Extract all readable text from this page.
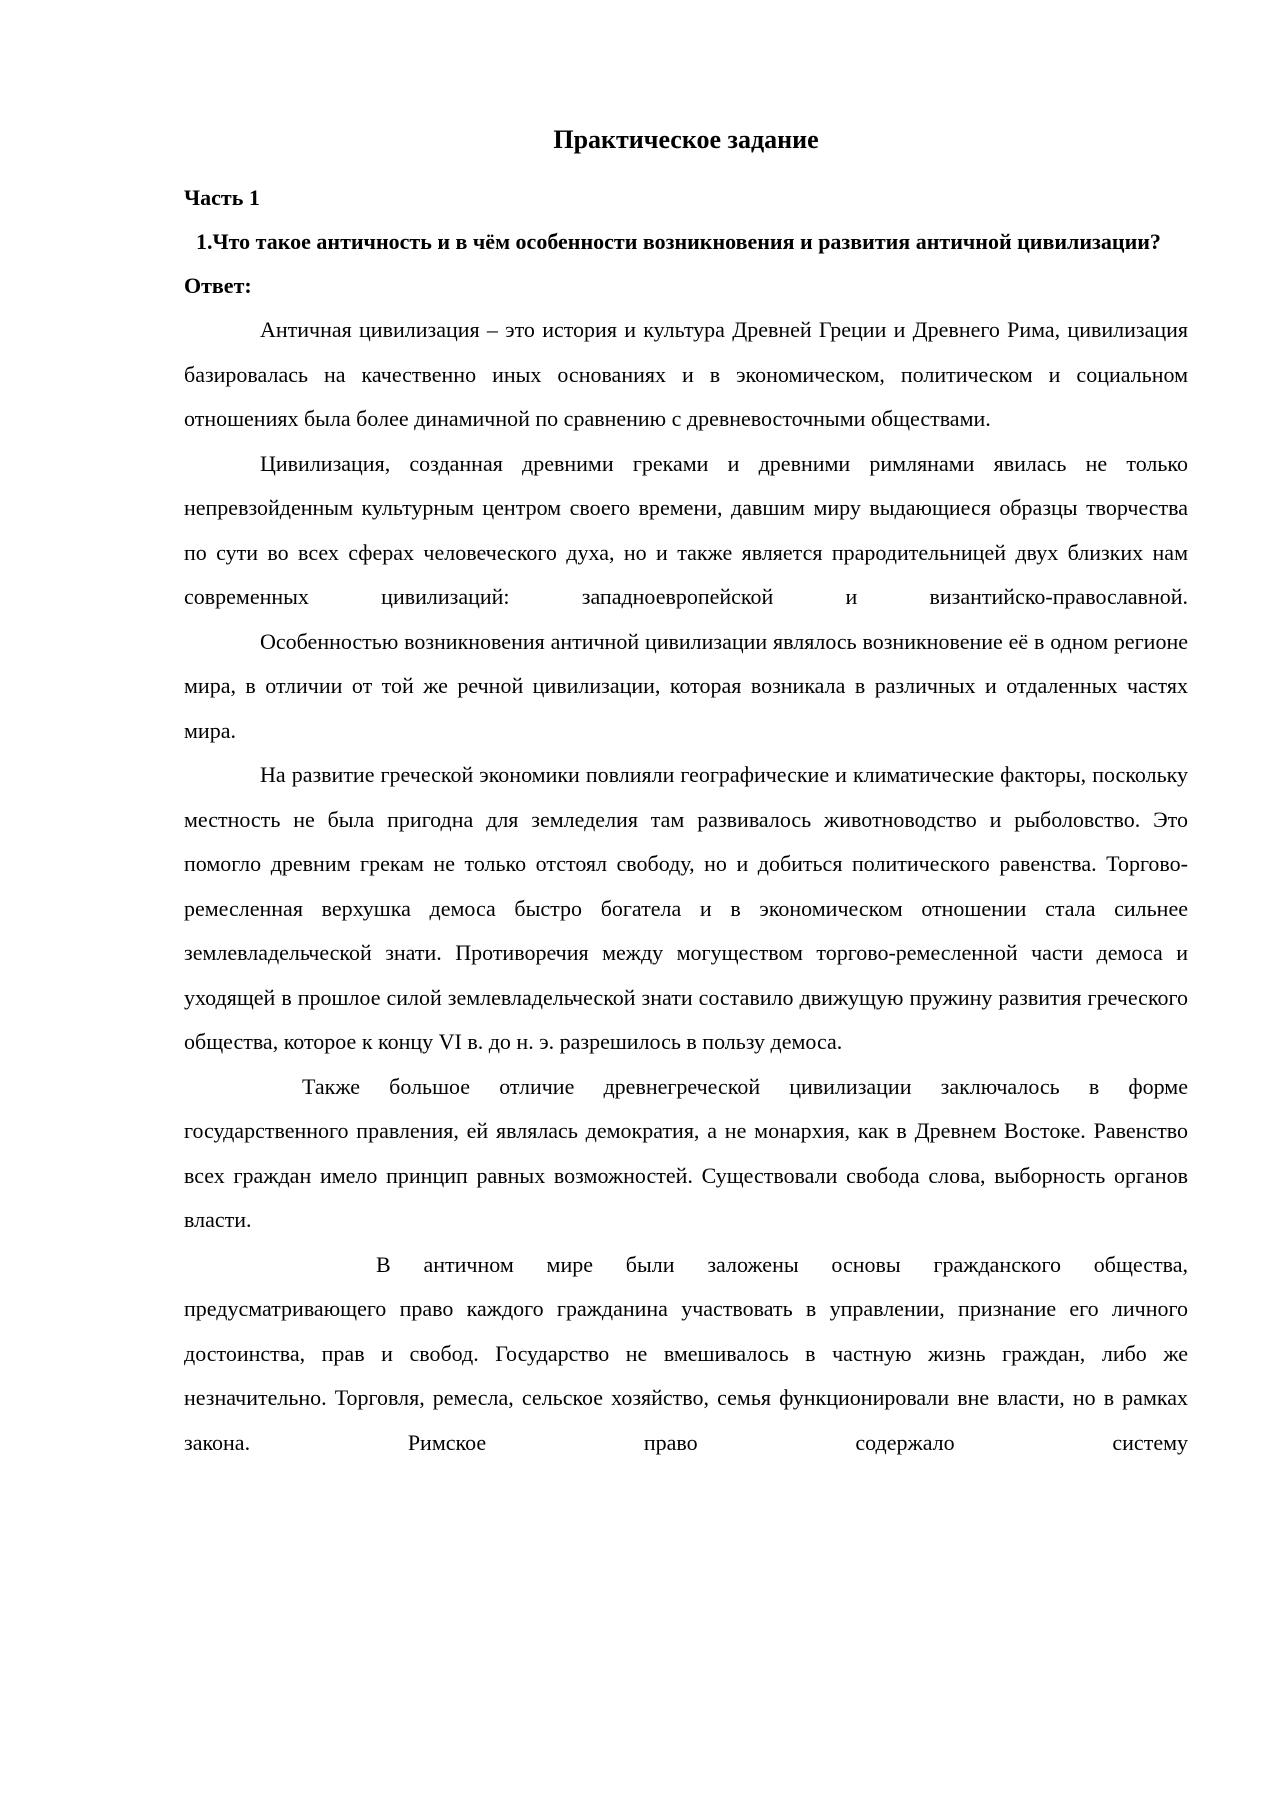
Практическое задание
Часть 1
1.Что такое античность и в чём особенности возникновения и развития античной цивилизации?
Ответ:

Античная цивилизация – это история и культура Древней Греции и Древнего Рима, цивилизация базировалась на качественно иных основаниях и в экономическом, политическом и социальном отношениях была более динамичной по сравнению с древневосточными обществами.

Цивилизация, созданная древними греками и древними римлянами явилась не только непревзойденным культурным центром своего времени, давшим миру выдающиеся образцы творчества по сути во всех сферах человеческого духа, но и также является прародительницей двух близких нам современных цивилизаций: западноевропейской и византийско-православной.

Особенностью возникновения античной цивилизации являлось возникновение её в одном регионе мира, в отличии от той же речной цивилизации, которая возникала в различных и отдаленных частях мира.

На развитие греческой экономики повлияли географические и климатические факторы, поскольку местность не была пригодна для земледелия там развивалось животноводство и рыболовство. Это помогло древним грекам не только отстоял свободу, но и добиться политического равенства. Торгово-ремесленная верхушка демоса быстро богатела и в экономическом отношении стала сильнее землевладельческой знати. Противоречия между могуществом торгово-ремесленной части демоса и уходящей в прошлое силой землевладельческой знати составило движущую пружину развития греческого общества, которое к концу VI в. до н. э. разрешилось в пользу демоса.

Также большое отличие древнегреческой цивилизации заключалось в форме государственного правления, ей являлась демократия, а не монархия, как в Древнем Востоке. Равенство всех граждан имело принцип равных возможностей. Существовали свобода слова, выборность органов власти.

В античном мире были заложены основы гражданского общества, предусматривающего право каждого гражданина участвовать в управлении, признание его личного достоинства, прав и свобод. Государство не вмешивалось в частную жизнь граждан, либо же незначительно. Торговля, ремесла, сельское хозяйство, семья функционировали вне власти, но в рамках закона. Римское право содержало систему
